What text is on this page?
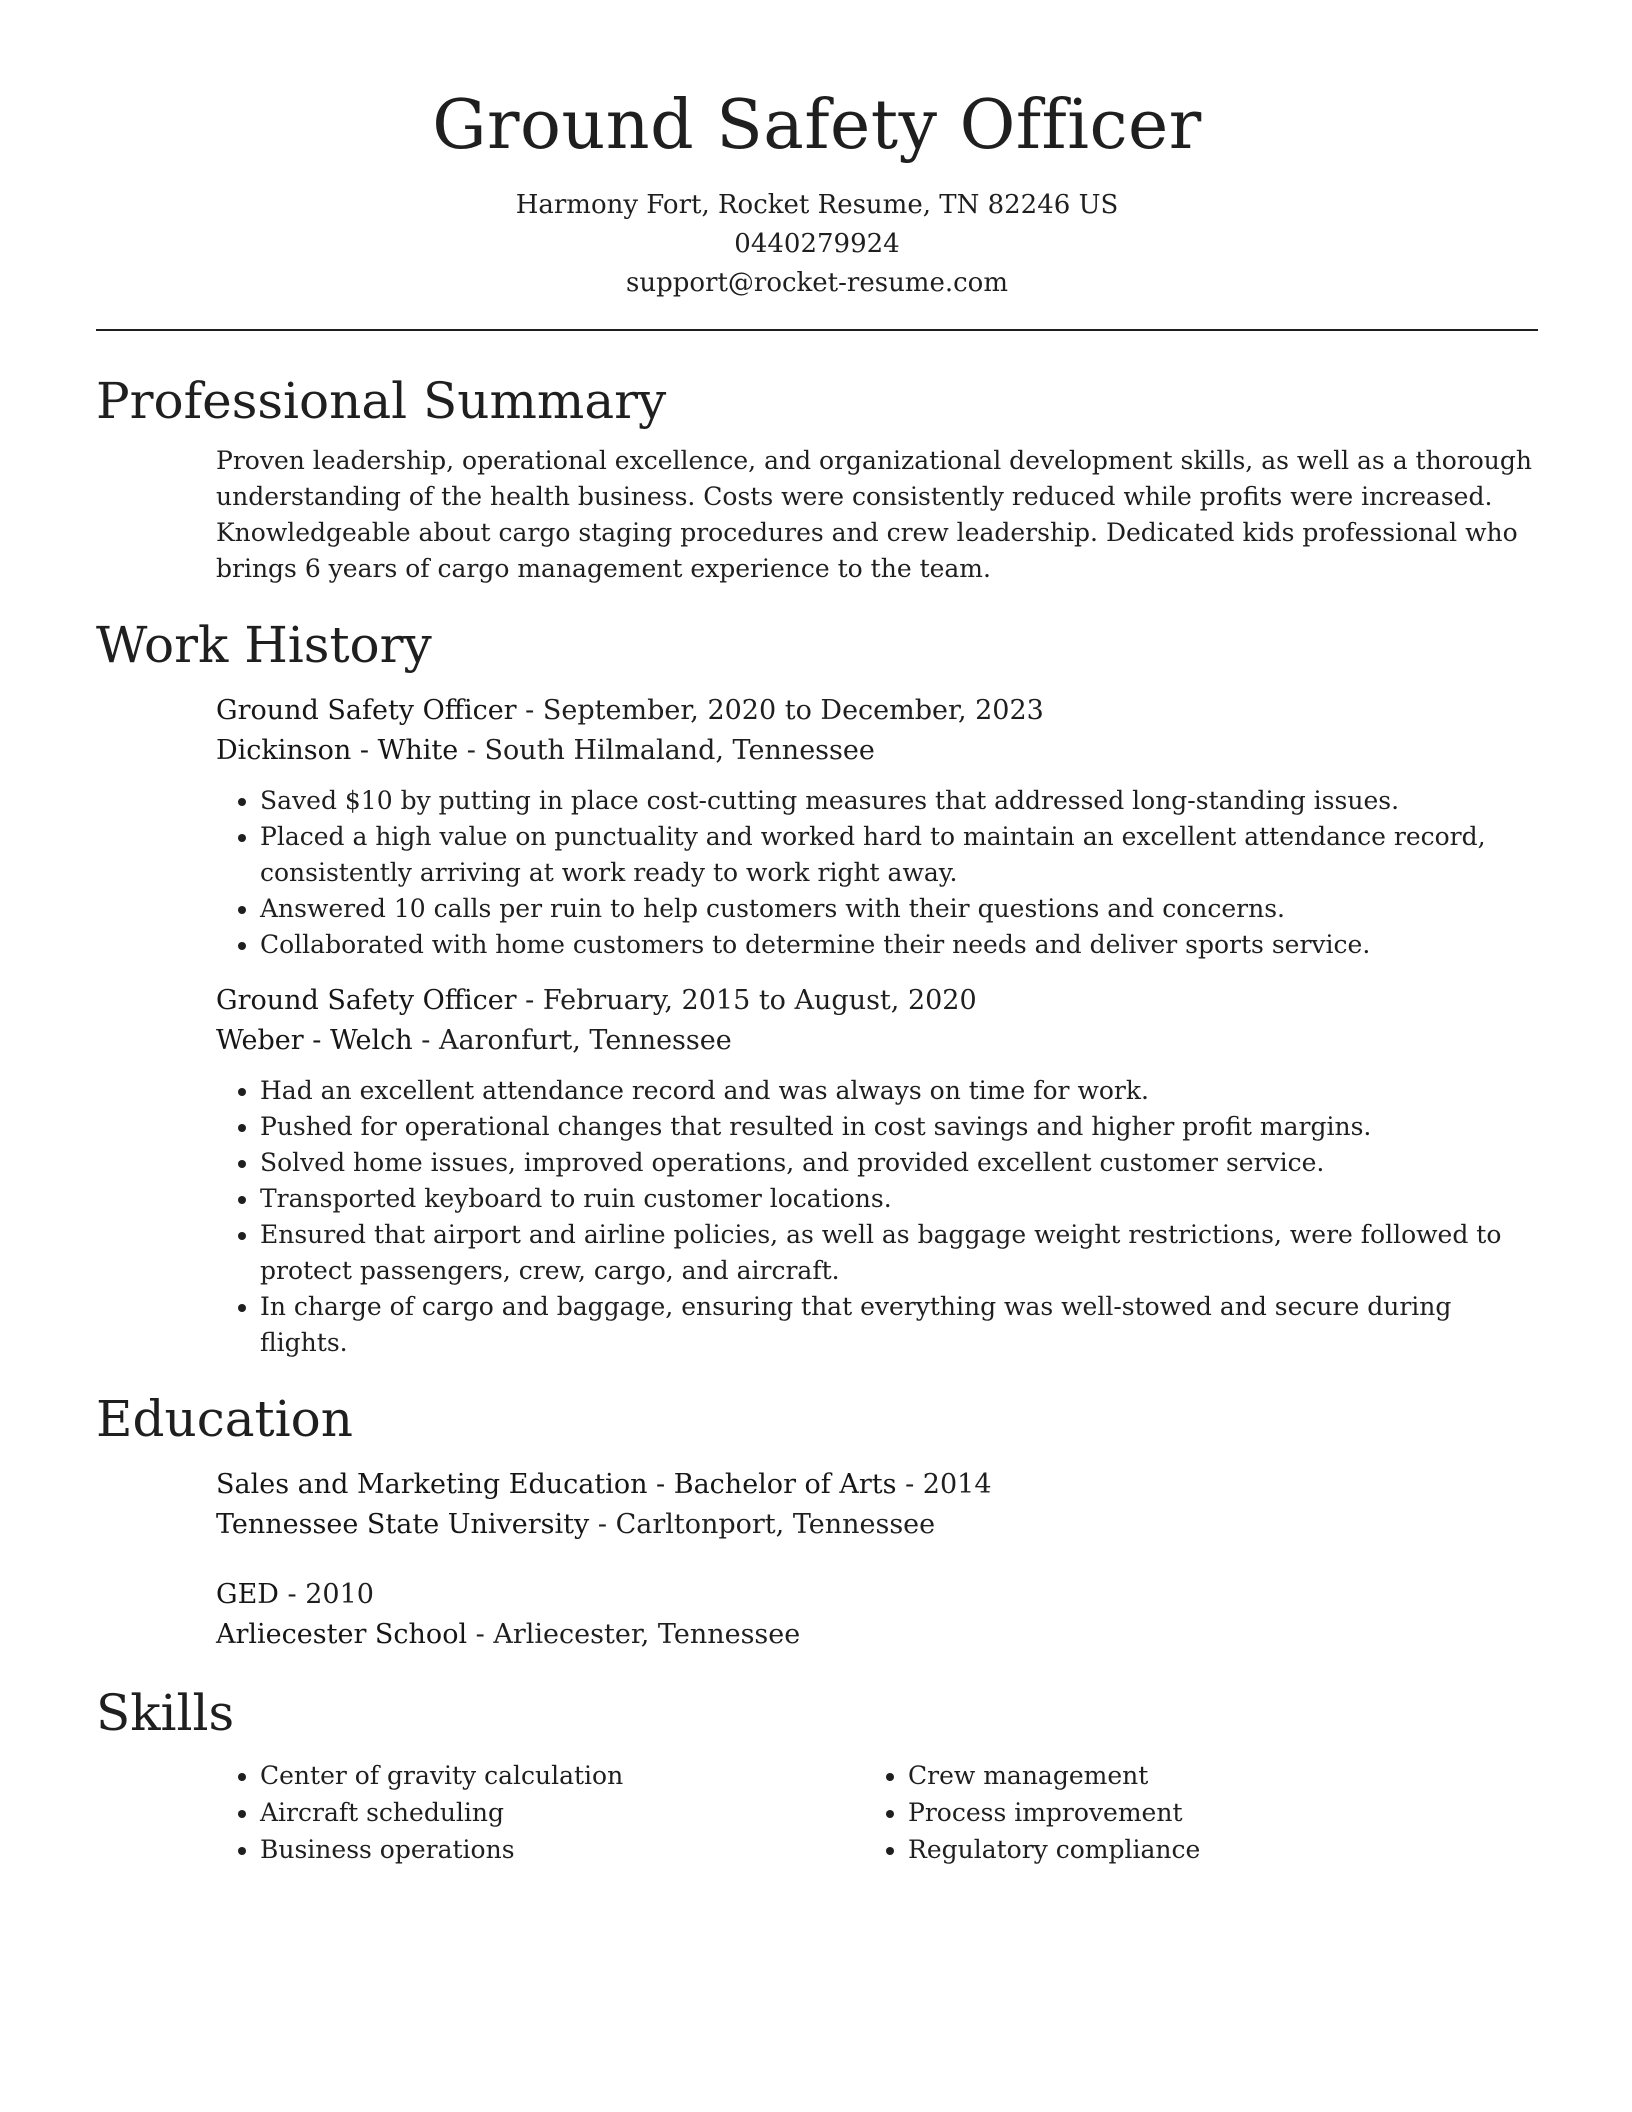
Ground Safety Officer
Harmony Fort, Rocket Resume, TN 82246 US
0440279924
support@rocket-resume.com
Professional Summary
Proven leadership, operational excellence, and organizational development skills, as well as a thorough understanding of the health business. Costs were consistently reduced while profits were increased. Knowledgeable about cargo staging procedures and crew leadership. Dedicated kids professional who brings 6 years of cargo management experience to the team.
Work History
Ground Safety Officer - September, 2020 to December, 2023
Dickinson - White - South Hilmaland, Tennessee
• Saved $10 by putting in place cost-cutting measures that addressed long-standing issues.
• Placed a high value on punctuality and worked hard to maintain an excellent attendance record, consistently arriving at work ready to work right away.
• Answered 10 calls per ruin to help customers with their questions and concerns.
• Collaborated with home customers to determine their needs and deliver sports service.
Ground Safety Officer - February, 2015 to August, 2020
Weber - Welch - Aaronfurt, Tennessee
• Had an excellent attendance record and was always on time for work.
• Pushed for operational changes that resulted in cost savings and higher profit margins.
• Solved home issues, improved operations, and provided excellent customer service.
• Transported keyboard to ruin customer locations.
• Ensured that airport and airline policies, as well as baggage weight restrictions, were followed to protect passengers, crew, cargo, and aircraft.
• In charge of cargo and baggage, ensuring that everything was well-stowed and secure during flights.
Education
Sales and Marketing Education - Bachelor of Arts - 2014
Tennessee State University - Carltonport, Tennessee
GED - 2010
Arliecester School - Arliecester, Tennessee
Skills
• Center of gravity calculation
• Aircraft scheduling
• Business operations
• Crew management
• Process improvement
• Regulatory compliance
